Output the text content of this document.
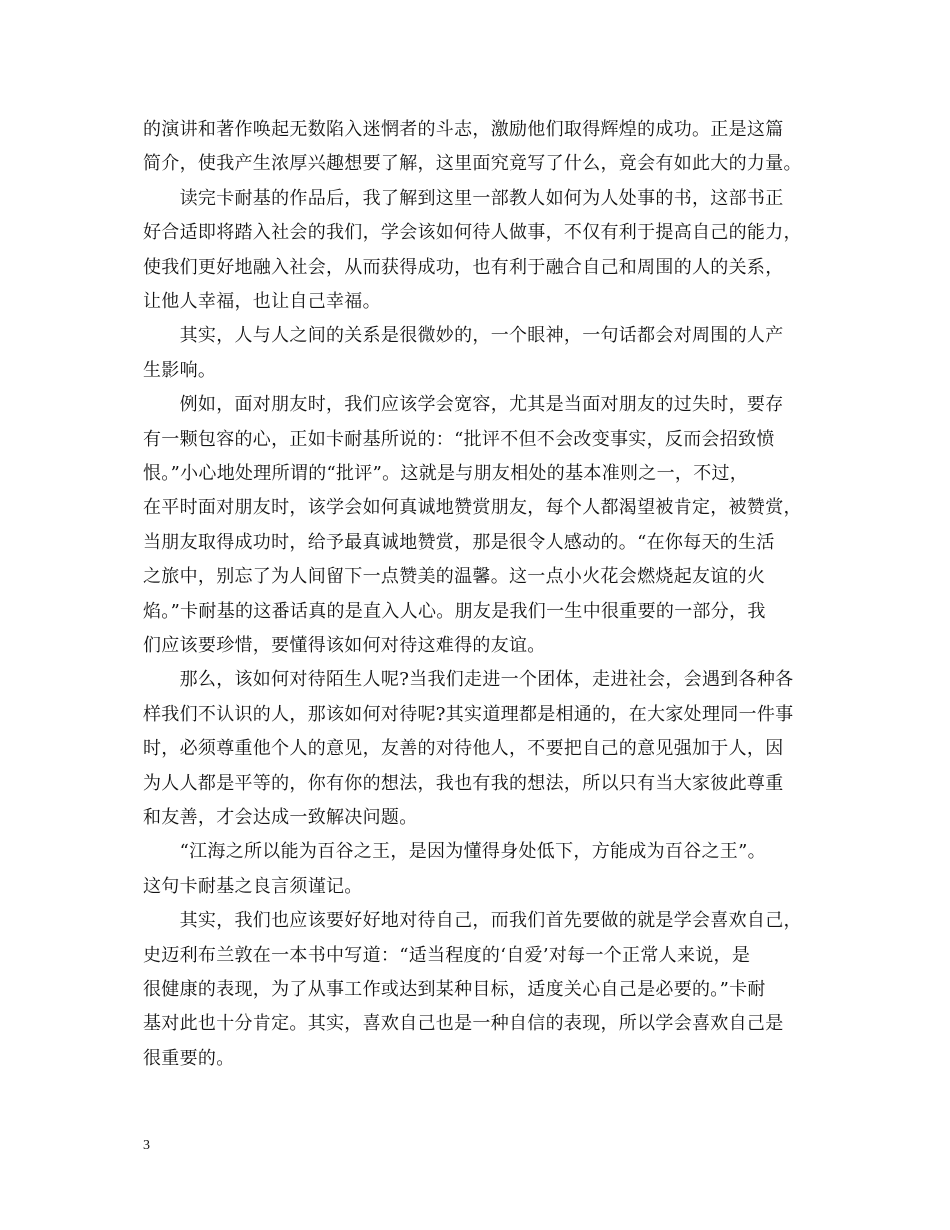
的演讲和著作唤起无数陷入迷惘者的斗志，激励他们取得辉煌的成功。正是这篇
简介，使我产生浓厚兴趣想要了解，这里面究竟写了什么，竟会有如此大的力量。
　　读完卡耐基的作品后，我了解到这里一部教人如何为人处事的书，这部书正
好合适即将踏入社会的我们，学会该如何待人做事，不仅有利于提高自己的能力，
使我们更好地融入社会，从而获得成功，也有利于融合自己和周围的人的关系，
让他人幸福，也让自己幸福。
　　其实，人与人之间的关系是很微妙的，一个眼神，一句话都会对周围的人产
生影响。
　　例如，面对朋友时，我们应该学会宽容，尤其是当面对朋友的过失时，要存
有一颗包容的心，正如卡耐基所说的：“批评不但不会改变事实，反而会招致愤
恨。”小心地处理所谓的“批评”。这就是与朋友相处的基本准则之一，不过，
在平时面对朋友时，该学会如何真诚地赞赏朋友，每个人都渴望被肯定，被赞赏，
当朋友取得成功时，给予最真诚地赞赏，那是很令人感动的。“在你每天的生活
之旅中，别忘了为人间留下一点赞美的温馨。这一点小火花会燃烧起友谊的火
焰。”卡耐基的这番话真的是直入人心。朋友是我们一生中很重要的一部分，我
们应该要珍惜，要懂得该如何对待这难得的友谊。
　　那么，该如何对待陌生人呢?当我们走进一个团体，走进社会，会遇到各种各
样我们不认识的人，那该如何对待呢?其实道理都是相通的，在大家处理同一件事
时，必须尊重他个人的意见，友善的对待他人，不要把自己的意见强加于人，因
为人人都是平等的，你有你的想法，我也有我的想法，所以只有当大家彼此尊重
和友善，才会达成一致解决问题。
　　“江海之所以能为百谷之王，是因为懂得身处低下，方能成为百谷之王”。
这句卡耐基之良言须谨记。
　　其实，我们也应该要好好地对待自己，而我们首先要做的就是学会喜欢自己，
史迈利布兰敦在一本书中写道：“适当程度的‘自爱’对每一个正常人来说，是
很健康的表现，为了从事工作或达到某种目标，适度关心自己是必要的。”卡耐
基对此也十分肯定。其实，喜欢自己也是一种自信的表现，所以学会喜欢自己是
很重要的。
3
